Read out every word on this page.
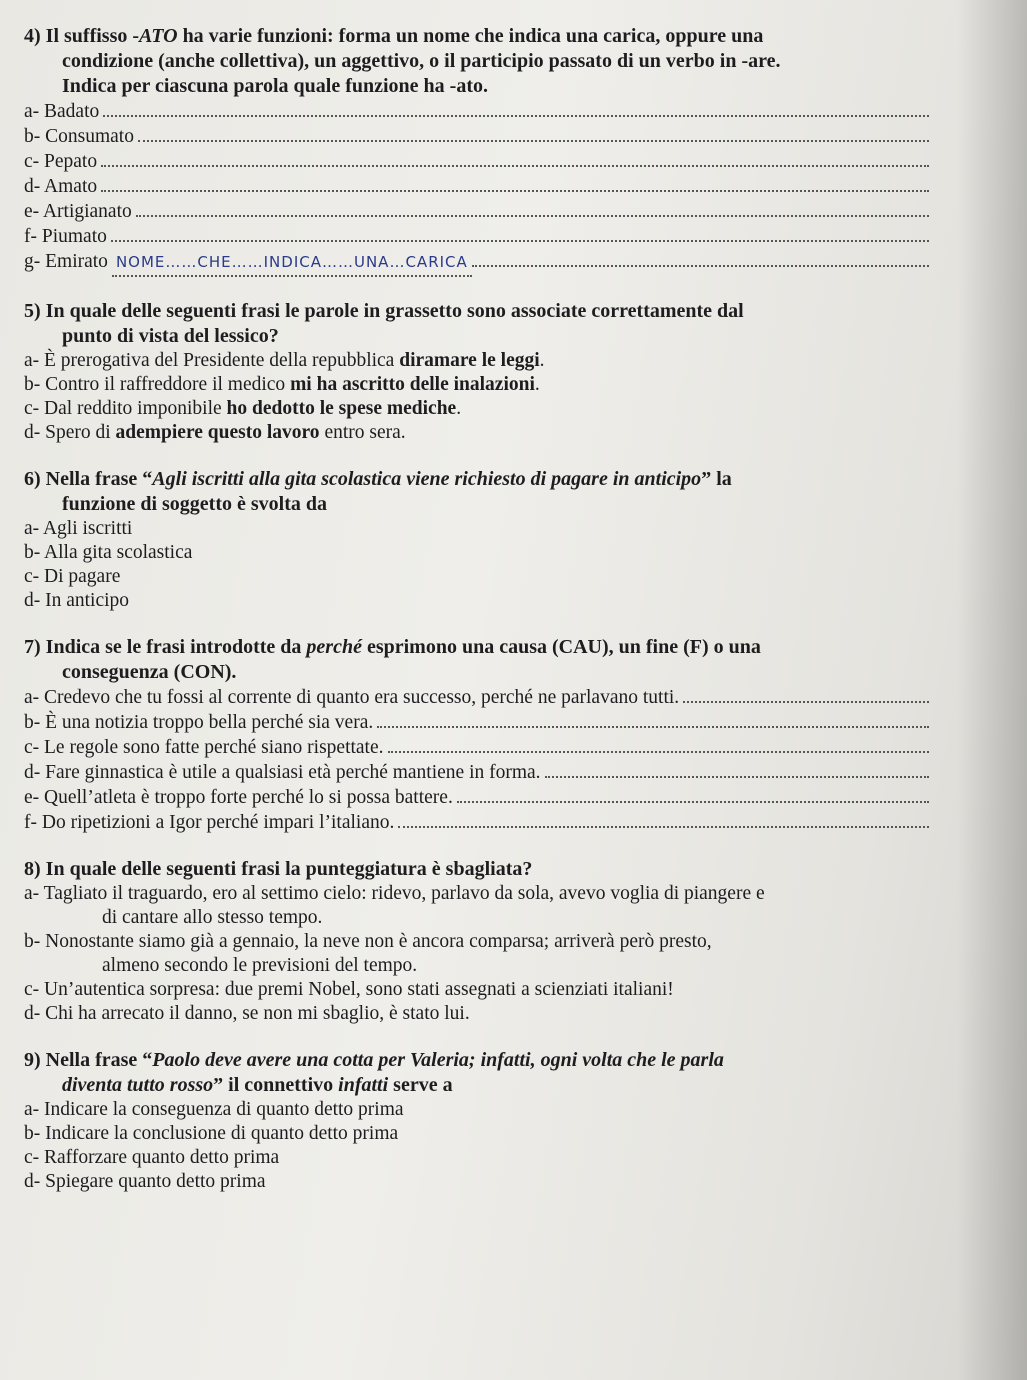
4) Il suffisso -ATO ha varie funzioni: forma un nome che indica una carica, oppure una
condizione (anche collettiva), un aggettivo, o il participio passato di un verbo in -are.
Indica per ciascuna parola quale funzione ha -ato.

a- Badato
b- Consumato
c- Pepato
d- Amato
e- Artigianato
f- Piumato
g- Emirato NOME……CHE……INDICA……UNA…CARICA

5) In quale delle seguenti frasi le parole in grassetto sono associate correttamente dal
punto di vista del lessico?

a- È prerogativa del Presidente della repubblica diramare le leggi.

b- Contro il raffreddore il medico mi ha ascritto delle inalazioni.

c- Dal reddito imponibile ho dedotto le spese mediche.

d- Spero di adempiere questo lavoro entro sera.

6) Nella frase “Agli iscritti alla gita scolastica viene richiesto di pagare in anticipo” la
funzione di soggetto è svolta da

a- Agli iscritti

b- Alla gita scolastica

c- Di pagare

d- In anticipo

7) Indica se le frasi introdotte da perché esprimono una causa (CAU), un fine (F) o una
conseguenza (CON).

a- Credevo che tu fossi al corrente di quanto era successo, perché ne parlavano tutti.
b- È una notizia troppo bella perché sia vera.
c- Le regole sono fatte perché siano rispettate.
d- Fare ginnastica è utile a qualsiasi età perché mantiene in forma.
e- Quell’atleta è troppo forte perché lo si possa battere.
f- Do ripetizioni a Igor perché impari l’italiano.

8) In quale delle seguenti frasi la punteggiatura è sbagliata?

a- Tagliato il traguardo, ero al settimo cielo: ridevo, parlavo da sola, avevo voglia di piangere e

di cantare allo stesso tempo.

b- Nonostante siamo già a gennaio, la neve non è ancora comparsa; arriverà però presto,

almeno secondo le previsioni del tempo.

c- Un’autentica sorpresa: due premi Nobel, sono stati assegnati a scienziati italiani!

d- Chi ha arrecato il danno, se non mi sbaglio, è stato lui.

9) Nella frase “Paolo deve avere una cotta per Valeria; infatti, ogni volta che le parla
diventa tutto rosso” il connettivo infatti serve a

a- Indicare la conseguenza di quanto detto prima

b- Indicare la conclusione di quanto detto prima

c- Rafforzare quanto detto prima

d- Spiegare quanto detto prima
